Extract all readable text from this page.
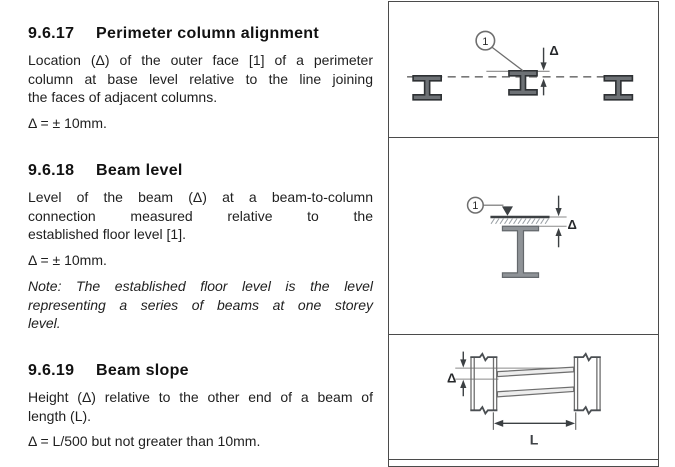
9.6.17 Perimeter column alignment
Location (Δ) of the outer face [1] of a perimeter
column at base level relative to the line joining
the faces of adjacent columns.
Δ = ± 10mm.
9.6.18 Beam level
Level of the beam (Δ) at a beam-to-column
connection measured relative to the
established floor level [1].
Δ = ± 10mm.
Note: The established floor level is the level
representing a series of beams at one storey
level.
9.6.19 Beam slope
Height (Δ) relative to the other end of a beam of
length (L).
Δ = L/500 but not greater than 10mm.
1
Δ
1
Δ
Δ
L
